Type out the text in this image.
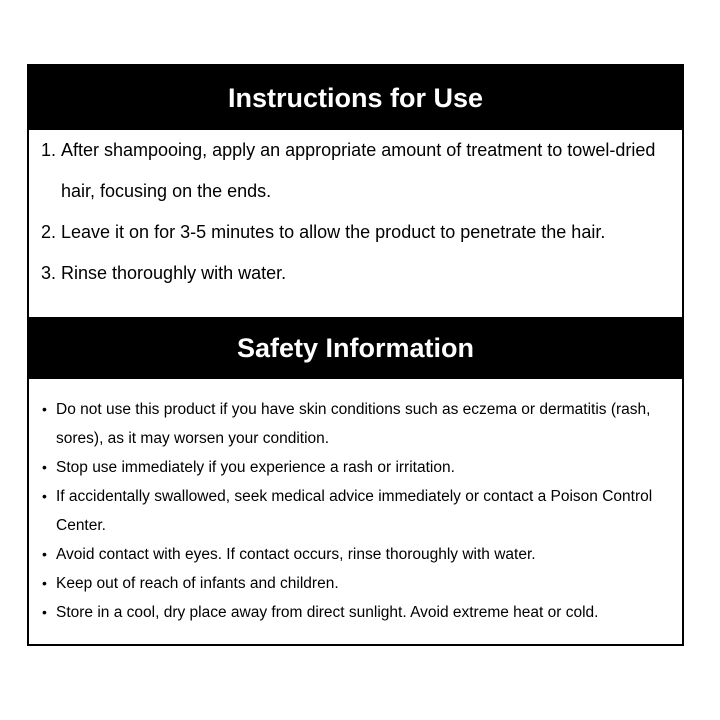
Instructions for Use
1. After shampooing, apply an appropriate amount of treatment to towel-dried hair, focusing on the ends.
2. Leave it on for 3-5 minutes to allow the product to penetrate the hair.
3. Rinse thoroughly with water.
Safety Information
• Do not use this product if you have skin conditions such as eczema or dermatitis (rash, sores), as it may worsen your condition.
• Stop use immediately if you experience a rash or irritation.
• If accidentally swallowed, seek medical advice immediately or contact a Poison Control Center.
• Avoid contact with eyes. If contact occurs, rinse thoroughly with water.
• Keep out of reach of infants and children.
• Store in a cool, dry place away from direct sunlight. Avoid extreme heat or cold.
